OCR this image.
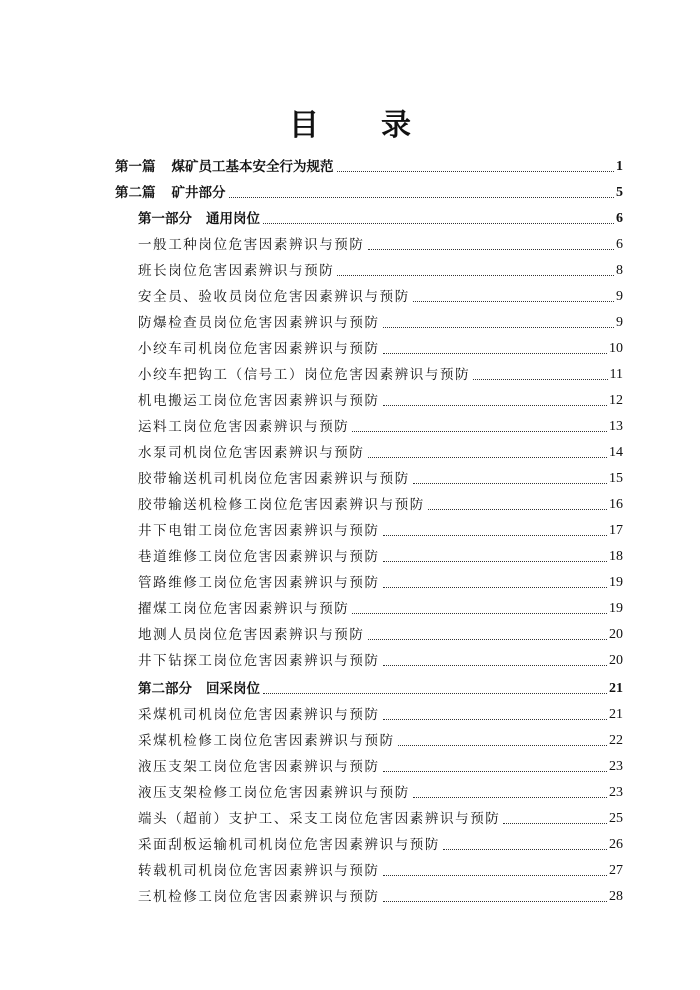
目 录
第一篇 煤矿员工基本安全行为规范	1
第二篇 矿井部分	5
第一部分 通用岗位	6
一般工种岗位危害因素辨识与预防	6
班长岗位危害因素辨识与预防	8
安全员、验收员岗位危害因素辨识与预防	9
防爆检查员岗位危害因素辨识与预防	9
小绞车司机岗位危害因素辨识与预防	10
小绞车把钩工（信号工）岗位危害因素辨识与预防	11
机电搬运工岗位危害因素辨识与预防	12
运料工岗位危害因素辨识与预防	13
水泵司机岗位危害因素辨识与预防	14
胶带输送机司机岗位危害因素辨识与预防	15
胶带输送机检修工岗位危害因素辨识与预防	16
井下电钳工岗位危害因素辨识与预防	17
巷道维修工岗位危害因素辨识与预防	18
管路维修工岗位危害因素辨识与预防	19
擢煤工岗位危害因素辨识与预防	19
地测人员岗位危害因素辨识与预防	20
井下钻探工岗位危害因素辨识与预防	20
第二部分 回采岗位	21
采煤机司机岗位危害因素辨识与预防	21
采煤机检修工岗位危害因素辨识与预防	22
液压支架工岗位危害因素辨识与预防	23
液压支架检修工岗位危害因素辨识与预防	23
端头（超前）支护工、采支工岗位危害因素辨识与预防	25
采面刮板运输机司机岗位危害因素辨识与预防	26
转载机司机岗位危害因素辨识与预防	27
三机检修工岗位危害因素辨识与预防	28
